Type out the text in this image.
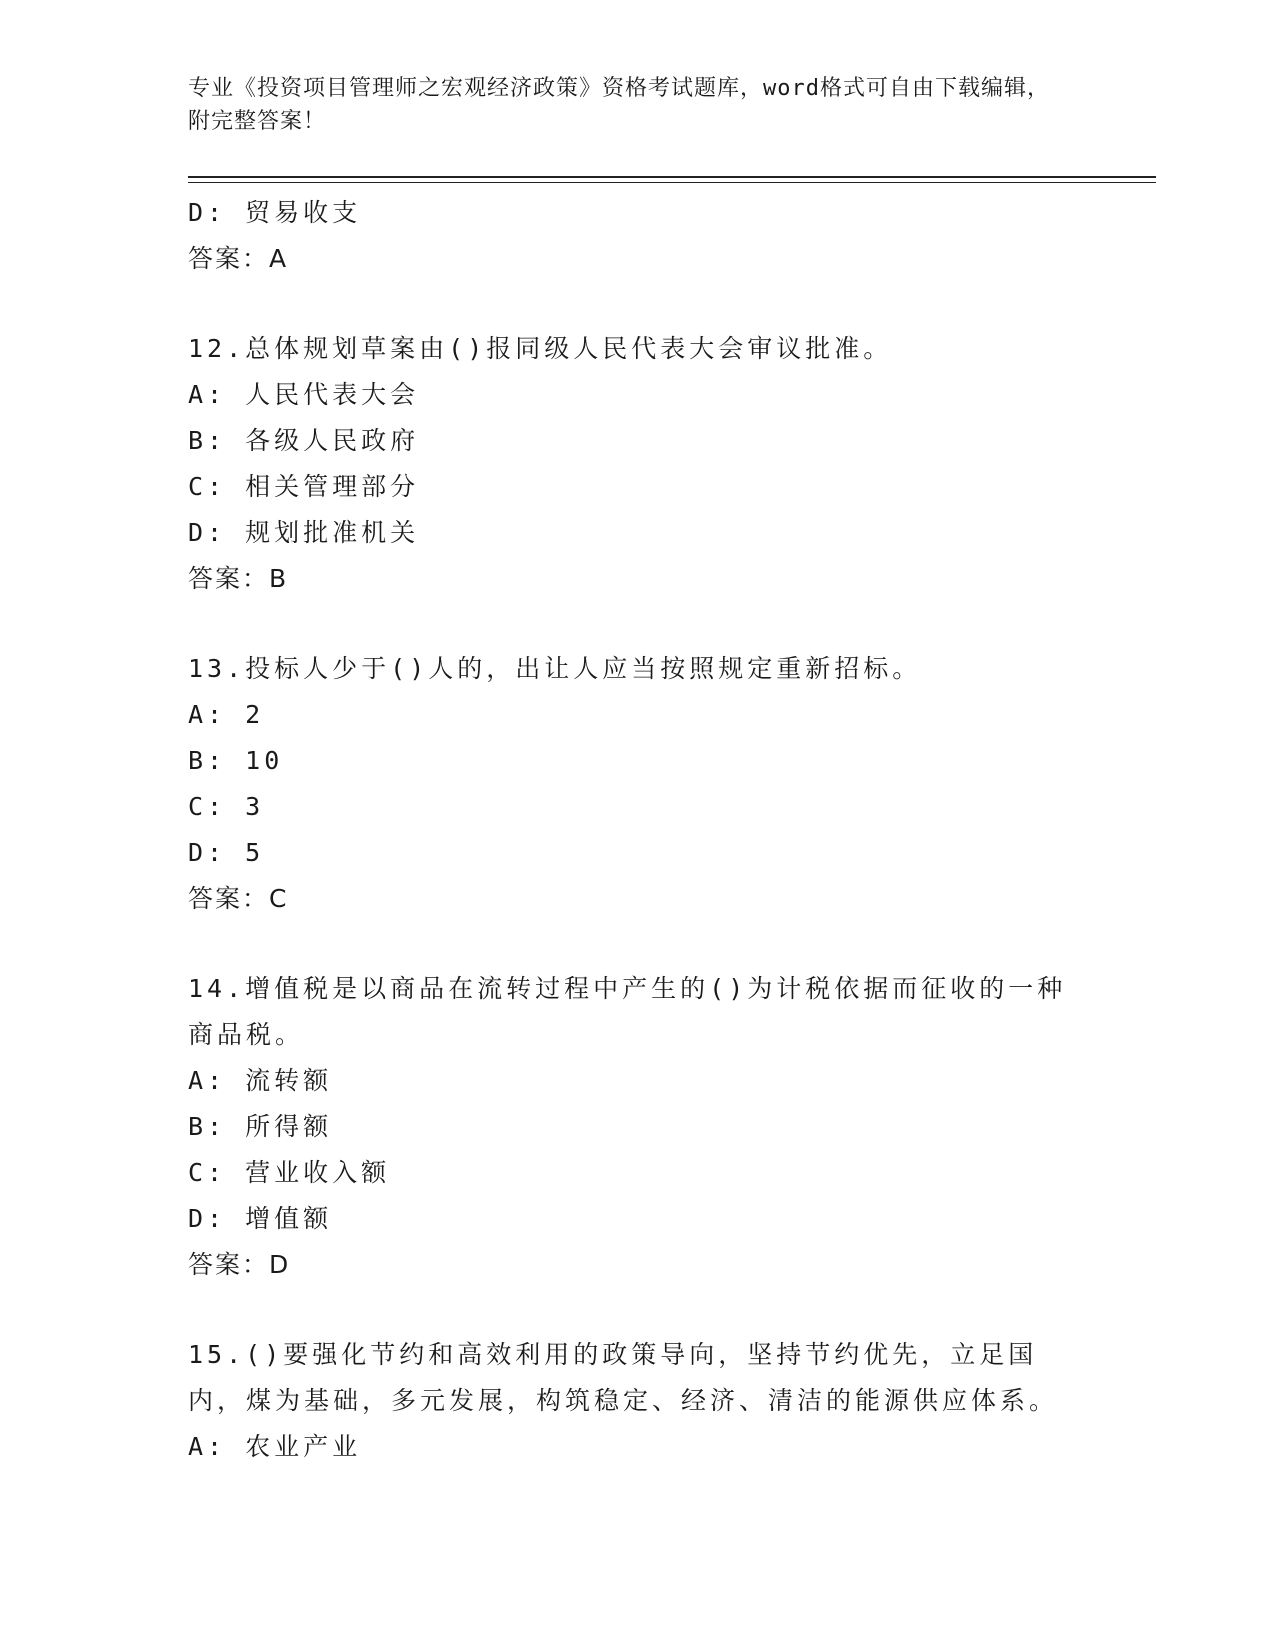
专业《投资项目管理师之宏观经济政策》资格考试题库，word格式可自由下载编辑，附完整答案！
D: 贸易收支
答案：A
12.总体规划草案由()报同级人民代表大会审议批准。
A: 人民代表大会
B: 各级人民政府
C: 相关管理部分
D: 规划批准机关
答案：B
13.投标人少于()人的，出让人应当按照规定重新招标。
A: 2
B: 10
C: 3
D: 5
答案：C
14.增值税是以商品在流转过程中产生的()为计税依据而征收的一种商品税。
A: 流转额
B: 所得额
C: 营业收入额
D: 增值额
答案：D
15.()要强化节约和高效利用的政策导向，坚持节约优先，立足国内，煤为基础，多元发展，构筑稳定、经济、清洁的能源供应体系。
A: 农业产业
